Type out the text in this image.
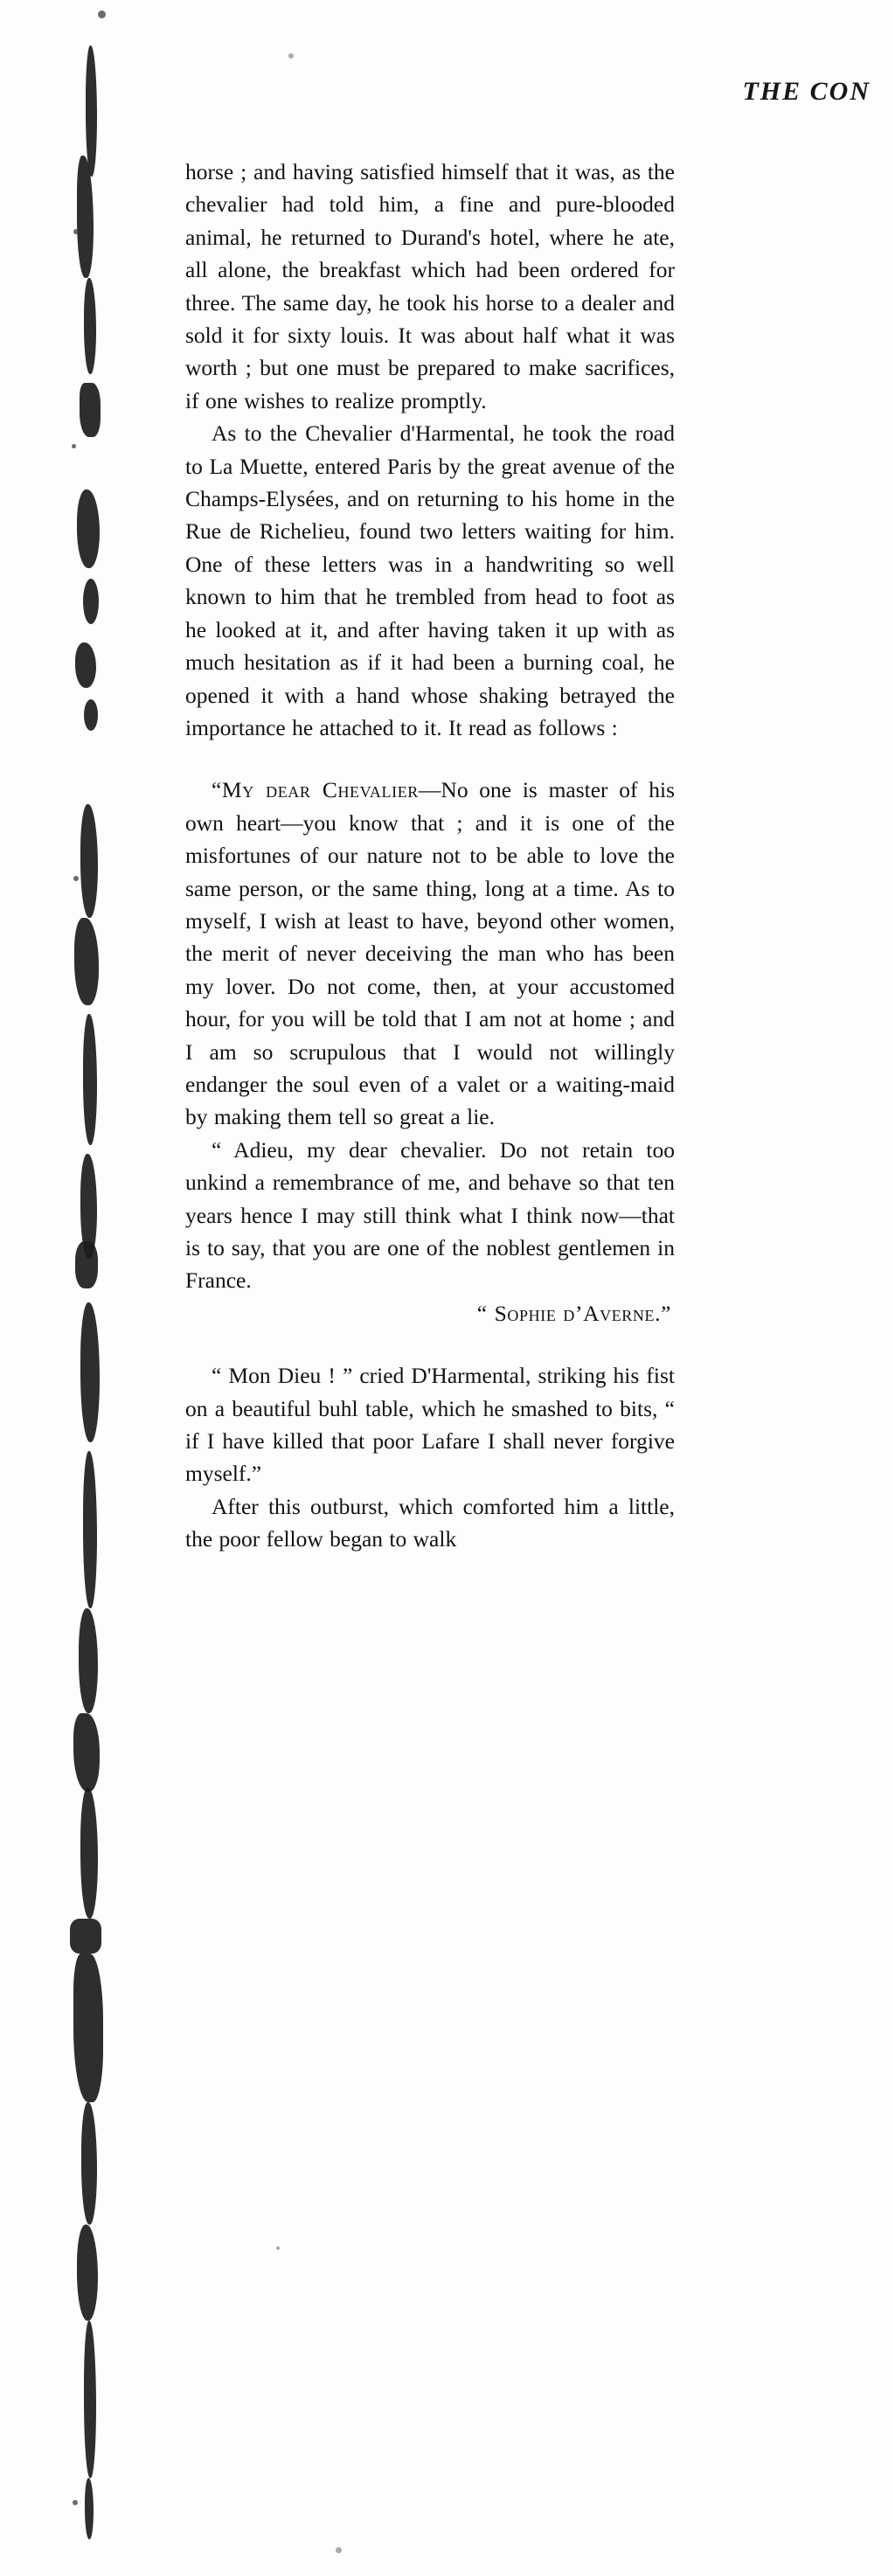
THE CON

horse ; and having satisfied himself that it was, as the chevalier had told him, a fine and pure-blooded animal, he returned to Durand's hotel, where he ate, all alone, the breakfast which had been ordered for three. The same day, he took his horse to a dealer and sold it for sixty louis. It was about half what it was worth ; but one must be prepared to make sacrifices, if one wishes to realize promptly.

As to the Chevalier d'Harmental, he took the road to La Muette, entered Paris by the great avenue of the Champs-Elysées, and on returning to his home in the Rue de Richelieu, found two letters waiting for him. One of these letters was in a handwriting so well known to him that he trembled from head to foot as he looked at it, and after having taken it up with as much hesitation as if it had been a burning coal, he opened it with a hand whose shaking betrayed the importance he attached to it. It read as follows :

“My dear Chevalier—No one is master of his own heart—you know that ; and it is one of the misfortunes of our nature not to be able to love the same person, or the same thing, long at a time. As to myself, I wish at least to have, beyond other women, the merit of never deceiving the man who has been my lover. Do not come, then, at your accustomed hour, for you will be told that I am not at home ; and I am so scrupulous that I would not willingly endanger the soul even of a valet or a waiting-maid by making them tell so great a lie.

“ Adieu, my dear chevalier. Do not retain too unkind a remembrance of me, and behave so that ten years hence I may still think what I think now—that is to say, that you are one of the noblest gentlemen in France.

“ Sophie d’Averne.”

“ Mon Dieu ! ” cried D'Harmental, striking his fist on a beautiful buhl table, which he smashed to bits, “ if I have killed that poor Lafare I shall never forgive myself.”

After this outburst, which comforted him a little, the poor fellow began to walk
